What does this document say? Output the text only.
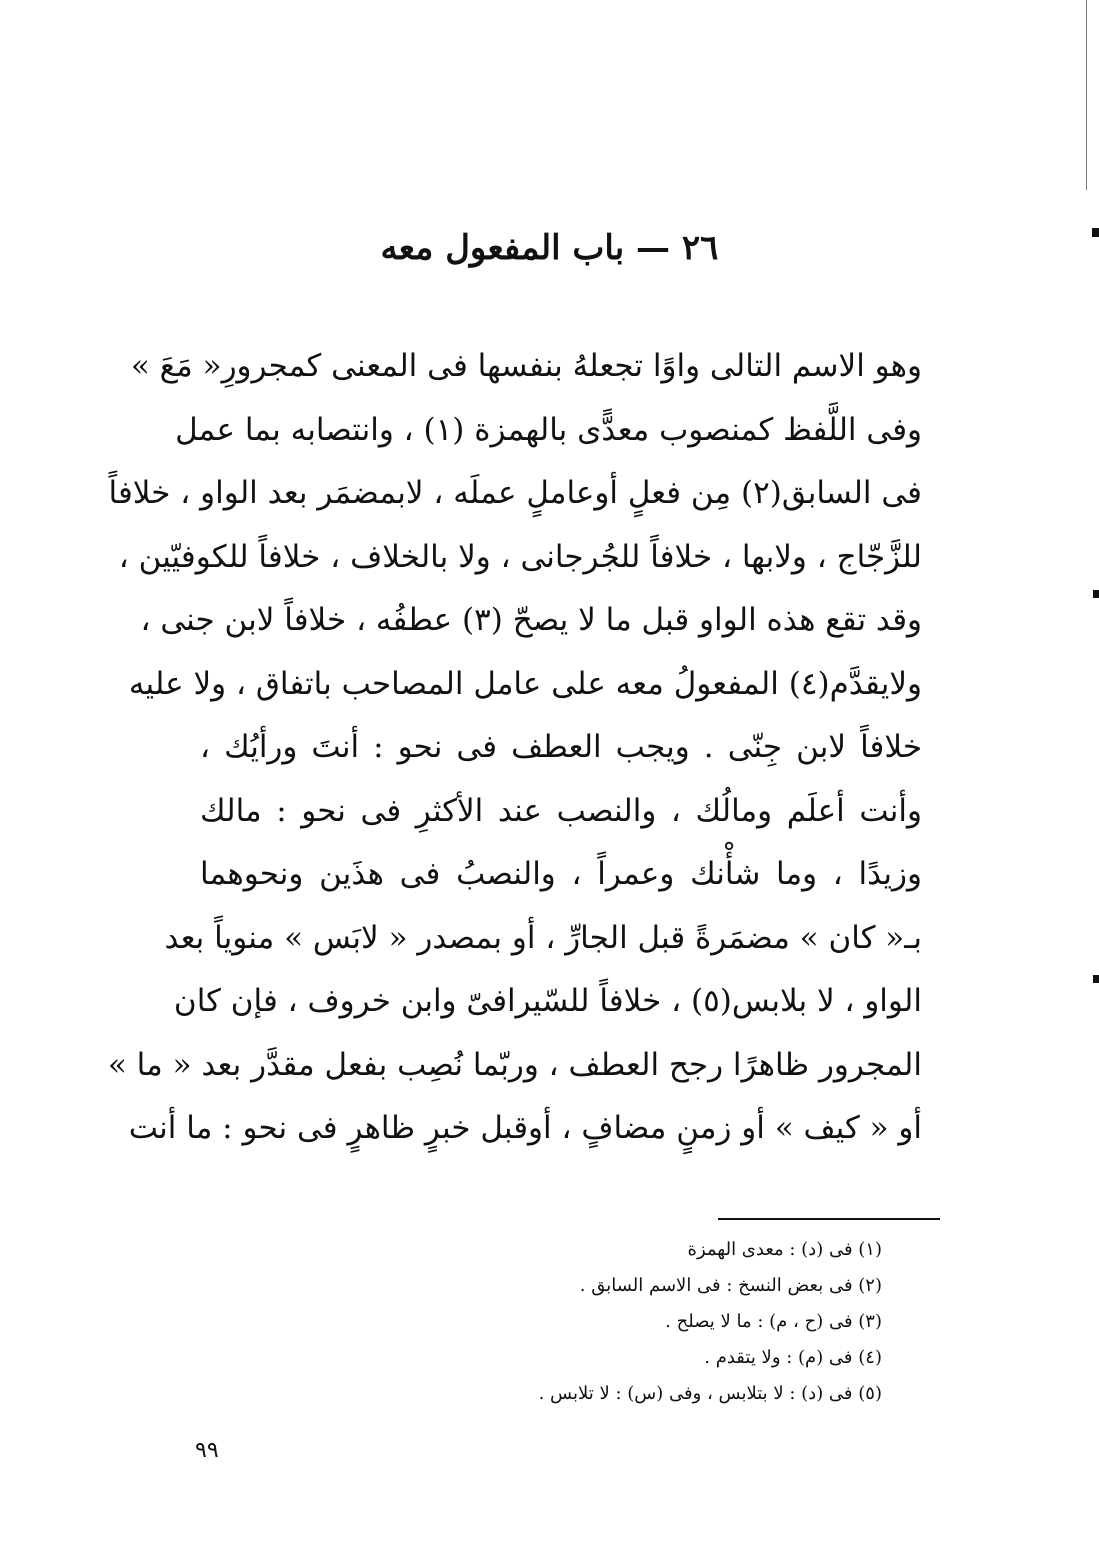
٢٦ — باب المفعول معه
وهو الاسم التالى واوًا تجعلهُ بنفسها فى المعنى كمجرورِ« مَعَ »
وفى اللَّفظ كمنصوب معدًّى بالهمزة (١) ، وانتصابه بما عمل
فى السابق(٢) مِن فعلٍ أوعاملٍ عملَه ، لابمضمَر بعد الواو ، خلافاً
للزَّجّاج ، ولابها ، خلافاً للجُرجانى ، ولا بالخلاف ، خلافاً للكوفيّين ،
وقد تقع هذه الواو قبل ما لا يصحّ (٣) عطفُه ، خلافاً لابن جنى ،
ولايقدَّم(٤) المفعولُ معه على عامل المصاحب باتفاق ، ولا عليه
خلافاً لابن جِنّى . ويجب العطف فى نحو : أنتَ ورأيُك ،
وأنت أعلَم ومالُك ، والنصب عند الأكثرِ فى نحو : مالك
وزيدًا ، وما شأْنك وعمراً ، والنصبُ فى هذَين ونحوهما
بـ« كان » مضمَرةً قبل الجارِّ ، أو بمصدر « لابَس » منوياً بعد
الواو ، لا بلابس(٥) ، خلافاً للسّيرافىّ وابن خروف ، فإن كان
المجرور ظاهرًا رجح العطف ، وربّما نُصِب بفعل مقدَّر بعد « ما »
أو « كيف » أو زمنٍ مضافٍ ، أوقبل خبرٍ ظاهرٍ فى نحو : ما أنت
(١) فى (د) : معدى الهمزة
(٢) فى بعض النسخ : فى الاسم السابق .
(٣) فى (ح ، م) : ما لا يصلح .
(٤) فى (م) : ولا يتقدم .
(٥) فى (د) : لا بتلابس ، وفى (س) : لا تلابس .
٩٩
